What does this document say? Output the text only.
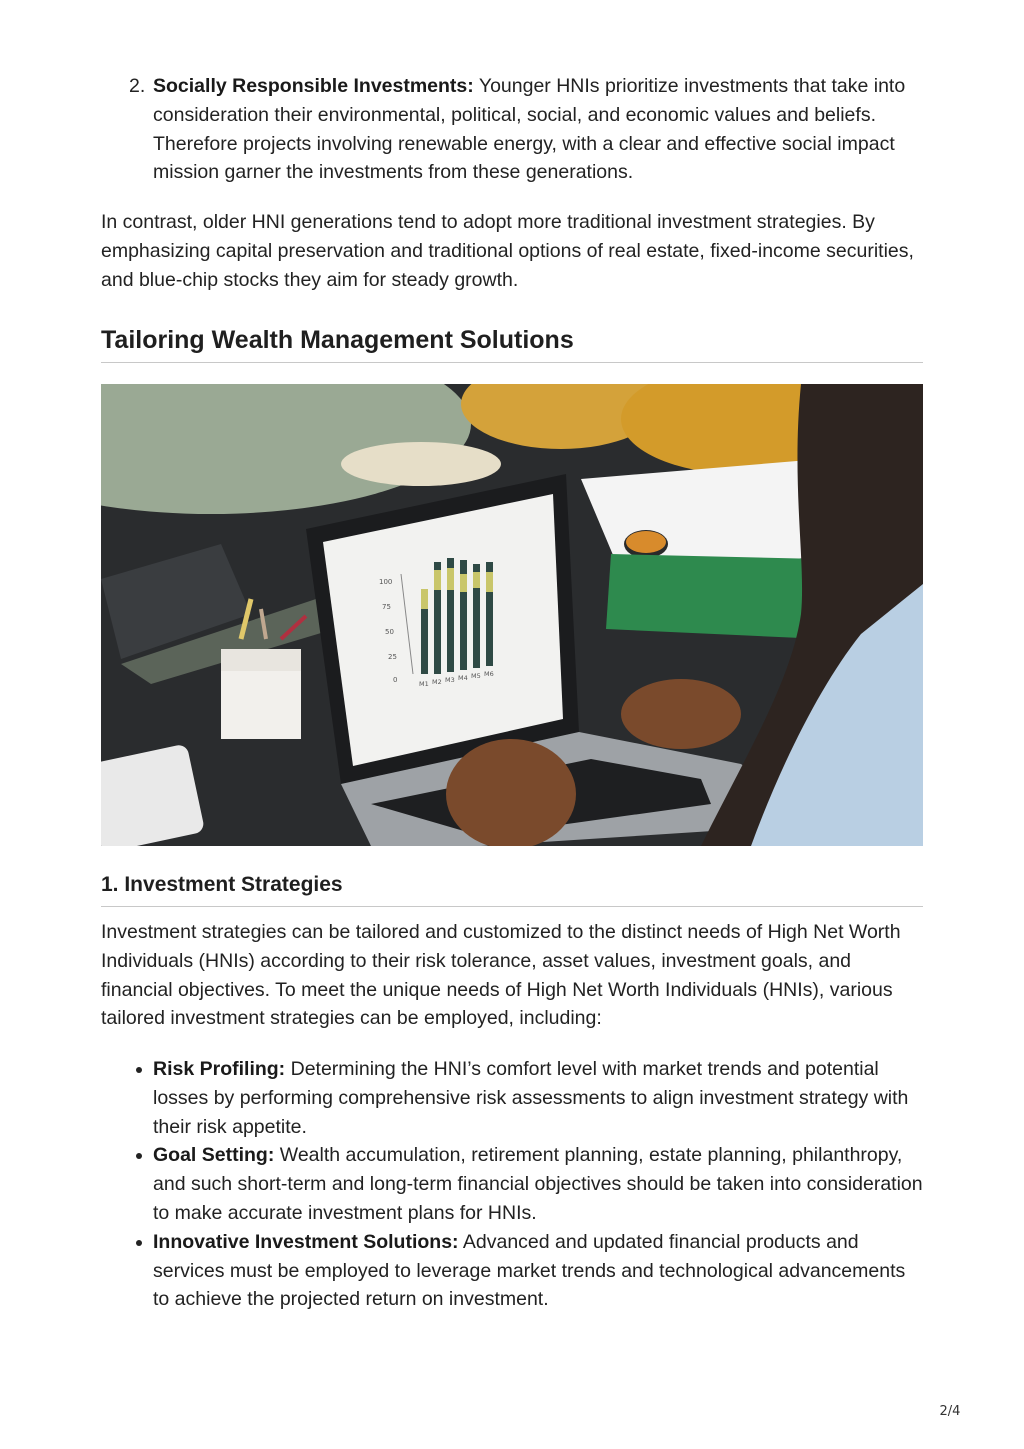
2. Socially Responsible Investments: Younger HNIs prioritize investments that take into consideration their environmental, political, social, and economic values and beliefs. Therefore projects involving renewable energy, with a clear and effective social impact mission garner the investments from these generations.

In contrast, older HNI generations tend to adopt more traditional investment strategies. By emphasizing capital preservation and traditional options of real estate, fixed-income securities, and blue-chip stocks they aim for steady growth.

Tailoring Wealth Management Solutions
100
75
50
25
0	M1 M2 M3 M4 M5 M6
1. Investment Strategies

Investment strategies can be tailored and customized to the distinct needs of High Net Worth Individuals (HNIs) according to their risk tolerance, asset values, investment goals, and financial objectives. To meet the unique needs of High Net Worth Individuals (HNIs), various tailored investment strategies can be employed, including:

Risk Profiling: Determining the HNI’s comfort level with market trends and potential losses by performing comprehensive risk assessments to align investment strategy with their risk appetite.
Goal Setting: Wealth accumulation, retirement planning, estate planning, philanthropy, and such short-term and long-term financial objectives should be taken into consideration to make accurate investment plans for HNIs.
Innovative Investment Solutions: Advanced and updated financial products and services must be employed to leverage market trends and technological advancements to achieve the projected return on investment.
2/4
